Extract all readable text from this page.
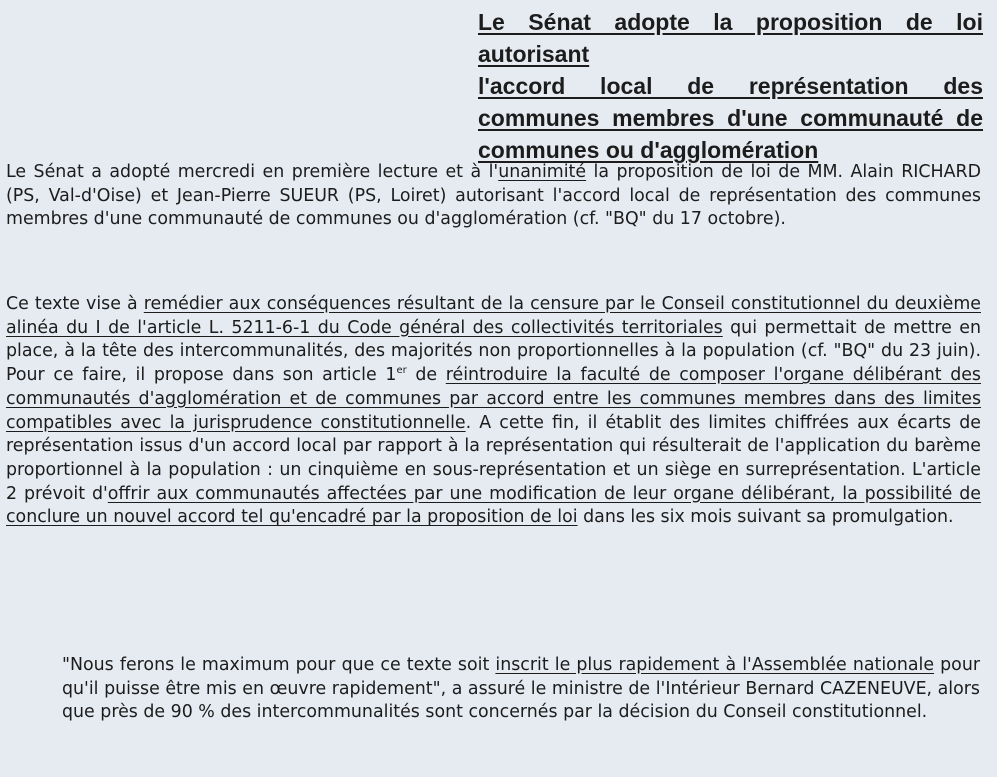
Le Sénat adopte la proposition de loi autorisant
l'accord local de représentation des
communes membres d'une communauté de
communes ou d'agglomération

Le Sénat a adopté mercredi en première lecture et à l'unanimité la proposition de loi de MM. Alain RICHARD (PS, Val-d'Oise) et Jean-Pierre SUEUR (PS, Loiret) autorisant l'accord local de représentation des communes membres d'une communauté de communes ou d'agglomération (cf. "BQ" du 17 octobre).

Ce texte vise à remédier aux conséquences résultant de la censure par le Conseil constitutionnel du deuxième alinéa du I de l'article L. 5211-6-1 du Code général des collectivités territoriales qui permettait de mettre en place, à la tête des intercommunalités, des majorités non proportionnelles à la population (cf. "BQ" du 23 juin). Pour ce faire, il propose dans son article 1er de réintroduire la faculté de composer l'organe délibérant des communautés d'agglomération et de communes par accord entre les communes membres dans des limites compatibles avec la jurisprudence constitutionnelle. A cette fin, il établit des limites chiffrées aux écarts de représentation issus d'un accord local par rapport à la représentation qui résulterait de l'application du barème proportionnel à la population : un cinquième en sous-représentation et un siège en surreprésentation. L'article 2 prévoit d'offrir aux communautés affectées par une modification de leur organe délibérant, la possibilité de conclure un nouvel accord tel qu'encadré par la proposition de loi dans les six mois suivant sa promulgation.

"Nous ferons le maximum pour que ce texte soit inscrit le plus rapidement à l'Assemblée nationale pour qu'il puisse être mis en œuvre rapidement", a assuré le ministre de l'Intérieur Bernard CAZENEUVE, alors que près de 90 % des intercommunalités sont concernés par la décision du Conseil constitutionnel.
